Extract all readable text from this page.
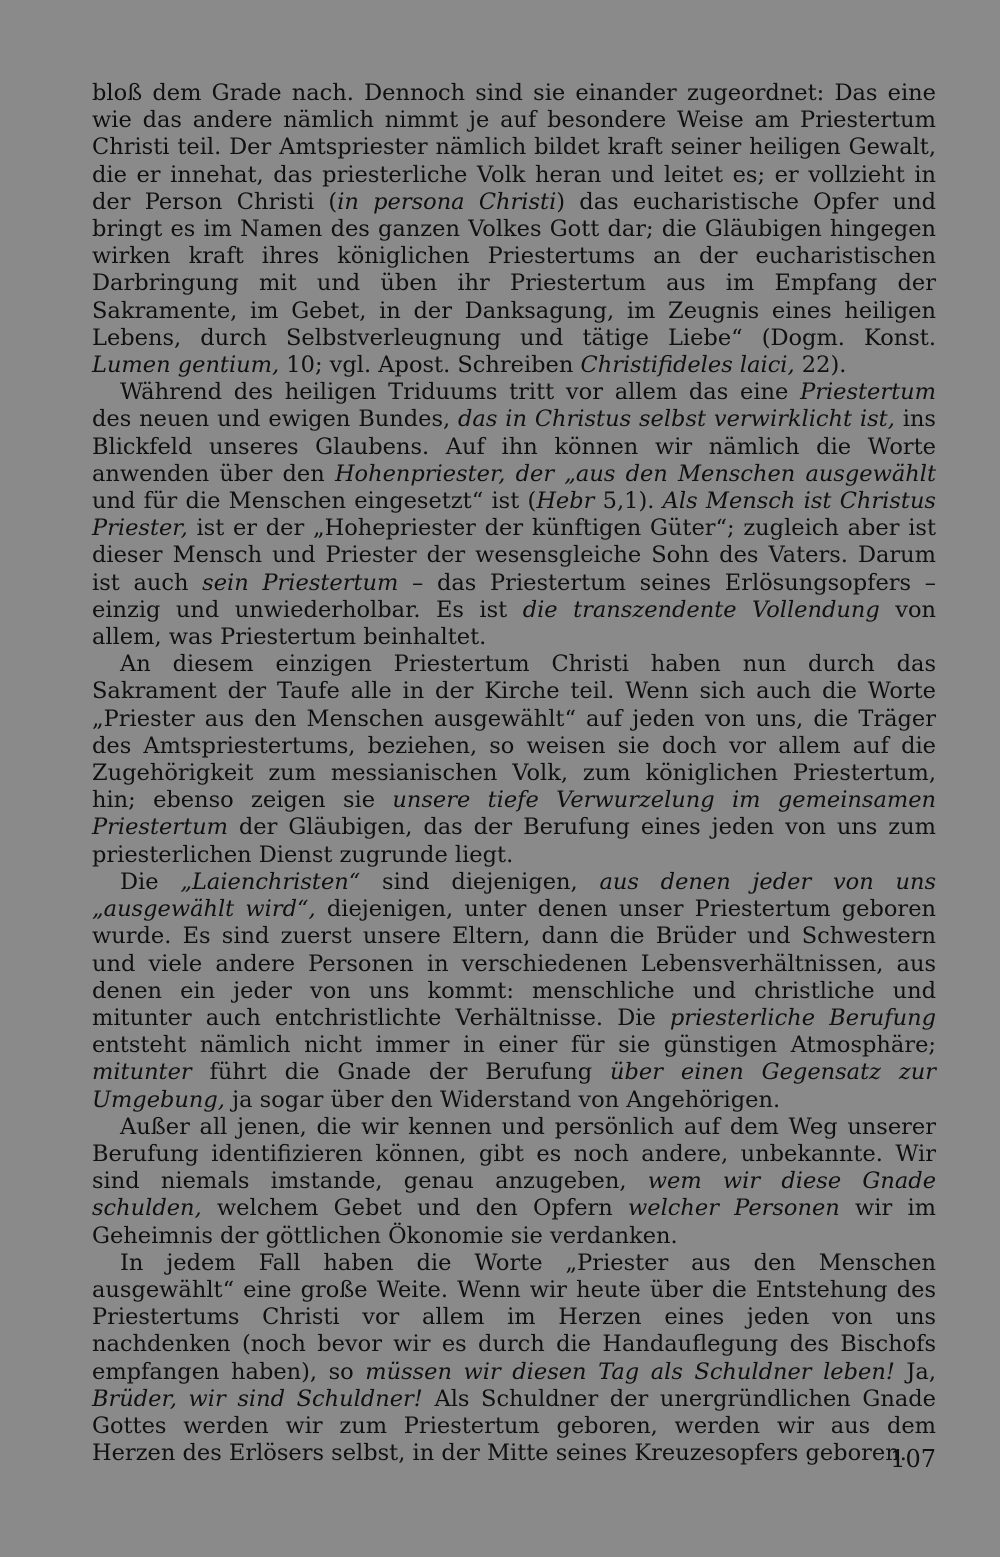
bloß dem Grade nach. Dennoch sind sie einander zugeordnet: Das eine wie das andere nämlich nimmt je auf besondere Weise am Priestertum Christi teil. Der Amtspriester nämlich bildet kraft seiner heiligen Gewalt, die er innehat, das priesterliche Volk heran und leitet es; er vollzieht in der Person Christi (in persona Christi) das eucharistische Opfer und bringt es im Namen des ganzen Volkes Gott dar; die Gläubigen hingegen wirken kraft ihres königlichen Priestertums an der eucharistischen Darbringung mit und üben ihr Priestertum aus im Empfang der Sakramente, im Gebet, in der Danksagung, im Zeugnis eines heiligen Lebens, durch Selbstverleugnung und tätige Liebe“ (Dogm. Konst. Lumen gentium, 10; vgl. Apost. Schreiben Christifideles laici, 22).

Während des heiligen Triduums tritt vor allem das eine Priestertum des neuen und ewigen Bundes, das in Christus selbst verwirklicht ist, ins Blickfeld unseres Glaubens. Auf ihn können wir nämlich die Worte anwenden über den Hohenpriester, der „aus den Menschen ausgewählt und für die Menschen eingesetzt“ ist (Hebr 5,1). Als Mensch ist Christus Priester, ist er der „Hohepriester der künftigen Güter“; zugleich aber ist dieser Mensch und Priester der wesensgleiche Sohn des Vaters. Darum ist auch sein Priestertum – das Priestertum seines Erlösungsopfers – einzig und unwiederholbar. Es ist die transzendente Vollendung von allem, was Priestertum beinhaltet.

An diesem einzigen Priestertum Christi haben nun durch das Sakrament der Taufe alle in der Kirche teil. Wenn sich auch die Worte „Priester aus den Menschen ausgewählt“ auf jeden von uns, die Träger des Amtspriestertums, beziehen, so weisen sie doch vor allem auf die Zugehörigkeit zum messianischen Volk, zum königlichen Priestertum, hin; ebenso zeigen sie unsere tiefe Verwurzelung im gemeinsamen Priestertum der Gläubigen, das der Berufung eines jeden von uns zum priesterlichen Dienst zugrunde liegt.

Die „Laienchristen“ sind diejenigen, aus denen jeder von uns „ausgewählt wird“, diejenigen, unter denen unser Priestertum geboren wurde. Es sind zuerst unsere Eltern, dann die Brüder und Schwestern und viele andere Personen in verschiedenen Lebensverhältnissen, aus denen ein jeder von uns kommt: menschliche und christliche und mitunter auch entchristlichte Verhältnisse. Die priesterliche Berufung entsteht nämlich nicht immer in einer für sie günstigen Atmosphäre; mitunter führt die Gnade der Berufung über einen Gegensatz zur Umgebung, ja sogar über den Widerstand von Angehörigen.

Außer all jenen, die wir kennen und persönlich auf dem Weg unserer Berufung identifizieren können, gibt es noch andere, unbekannte. Wir sind niemals imstande, genau anzugeben, wem wir diese Gnade schulden, welchem Gebet und den Opfern welcher Personen wir im Geheimnis der göttlichen Ökonomie sie verdanken.

In jedem Fall haben die Worte „Priester aus den Menschen ausgewählt“ eine große Weite. Wenn wir heute über die Entstehung des Priestertums Christi vor allem im Herzen eines jeden von uns nachdenken (noch bevor wir es durch die Handauflegung des Bischofs empfangen haben), so müssen wir diesen Tag als Schuldner leben! Ja, Brüder, wir sind Schuldner! Als Schuldner der unergründlichen Gnade Gottes werden wir zum Priestertum geboren, werden wir aus dem Herzen des Erlösers selbst, in der Mitte seines Kreuzesopfers geboren.

107
